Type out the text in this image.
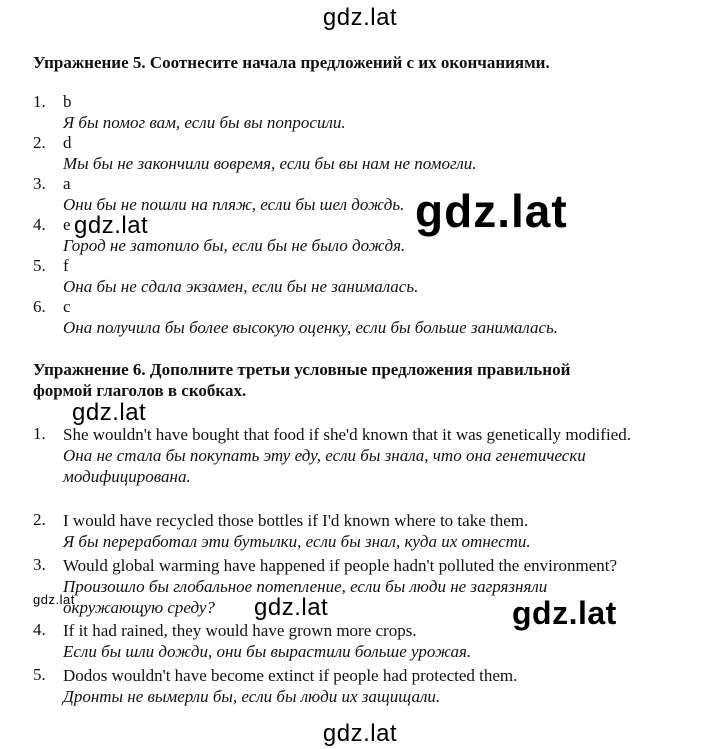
gdz.lat
Упражнение 5. Соотнесите начала предложений с их окончаниями.
1.	b
Я бы помог вам, если бы вы попросили.
2.	d
Мы бы не закончили вовремя, если бы вы нам не помогли.
3.	a
Они бы не пошли на пляж, если бы шел дождь.
4.	e
Город не затопило бы, если бы не было дождя.
5.	f
Она бы не сдала экзамен, если бы не занималась.
6.	c
Она получила бы более высокую оценку, если бы больше занималась.
Упражнение 6. Дополните третьи условные предложения правильной формой глаголов в скобках.
1.	She wouldn't have bought that food if she'd known that it was genetically modified.
Она не стала бы покупать эту еду, если бы знала, что она генетически модифицирована.
2.	I would have recycled those bottles if I'd known where to take them.
Я бы переработал эти бутылки, если бы знал, куда их отнести.
3.	Would global warming have happened if people hadn't polluted the environment?
Произошло бы глобальное потепление, если бы люди не загрязняли окружающую среду?
4.	If it had rained, they would have grown more crops.
Если бы шли дожди, они бы вырастили больше урожая.
5.	Dodos wouldn't have become extinct if people had protected them.
Дронты не вымерли бы, если бы люди их защищали.
gdz.lat
gdz.lat
gdz.lat
gdz.lat	gdz.lat	gdz.lat
gdz.lat
